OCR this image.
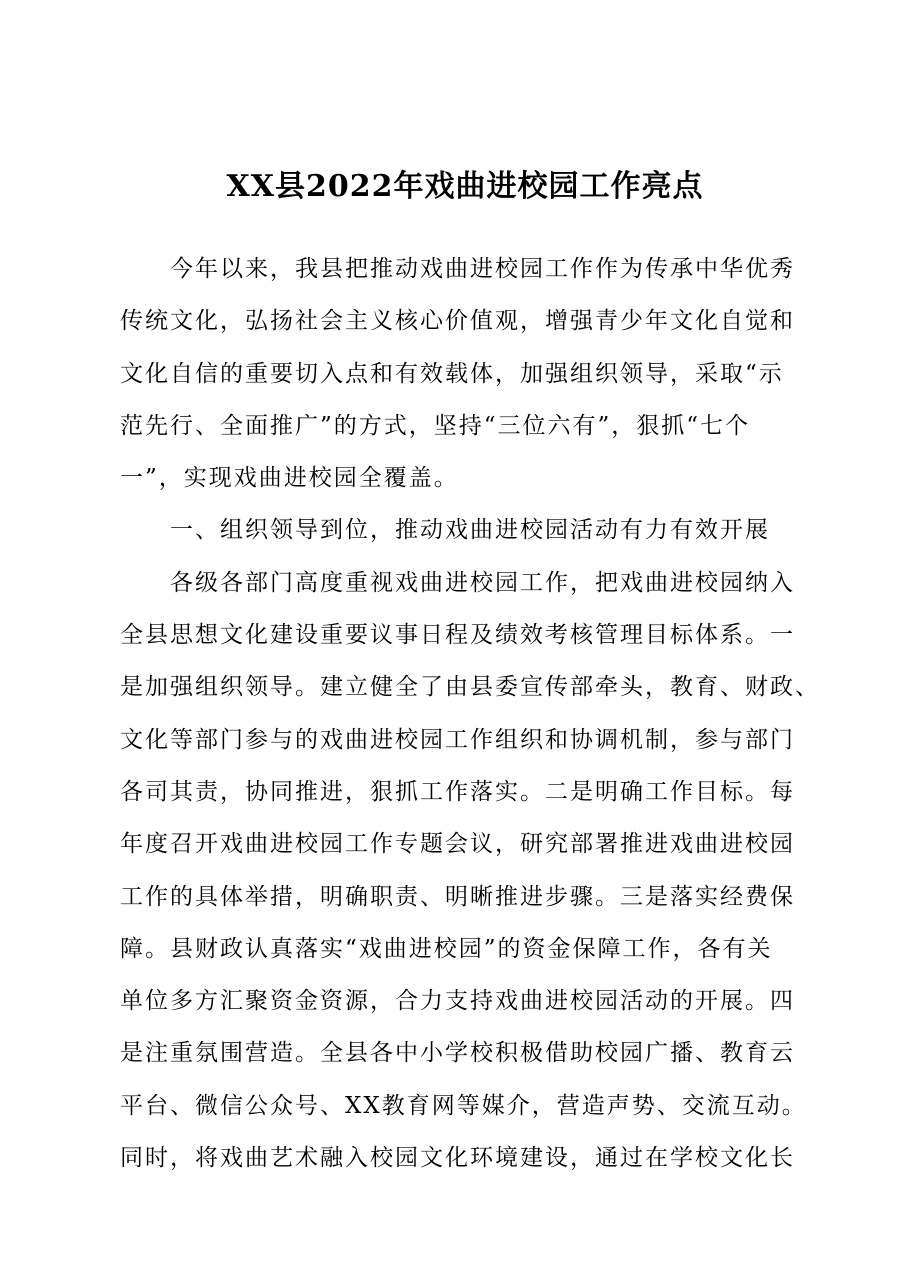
XX县2022年戏曲进校园工作亮点
今年以来，我县把推动戏曲进校园工作作为传承中华优秀
传统文化，弘扬社会主义核心价值观，增强青少年文化自觉和
文化自信的重要切入点和有效载体，加强组织领导，采取“示
范先行、全面推广”的方式，坚持“三位六有”，狠抓“七个
一”，实现戏曲进校园全覆盖。
一、组织领导到位，推动戏曲进校园活动有力有效开展
各级各部门高度重视戏曲进校园工作，把戏曲进校园纳入
全县思想文化建设重要议事日程及绩效考核管理目标体系。一
是加强组织领导。建立健全了由县委宣传部牵头，教育、财政、
文化等部门参与的戏曲进校园工作组织和协调机制，参与部门
各司其责，协同推进，狠抓工作落实。二是明确工作目标。每
年度召开戏曲进校园工作专题会议，研究部署推进戏曲进校园
工作的具体举措，明确职责、明晰推进步骤。三是落实经费保
障。县财政认真落实“戏曲进校园”的资金保障工作，各有关
单位多方汇聚资金资源，合力支持戏曲进校园活动的开展。四
是注重氛围营造。全县各中小学校积极借助校园广播、教育云
平台、微信公众号、XX教育网等媒介，营造声势、交流互动。
同时，将戏曲艺术融入校园文化环境建设，通过在学校文化长
